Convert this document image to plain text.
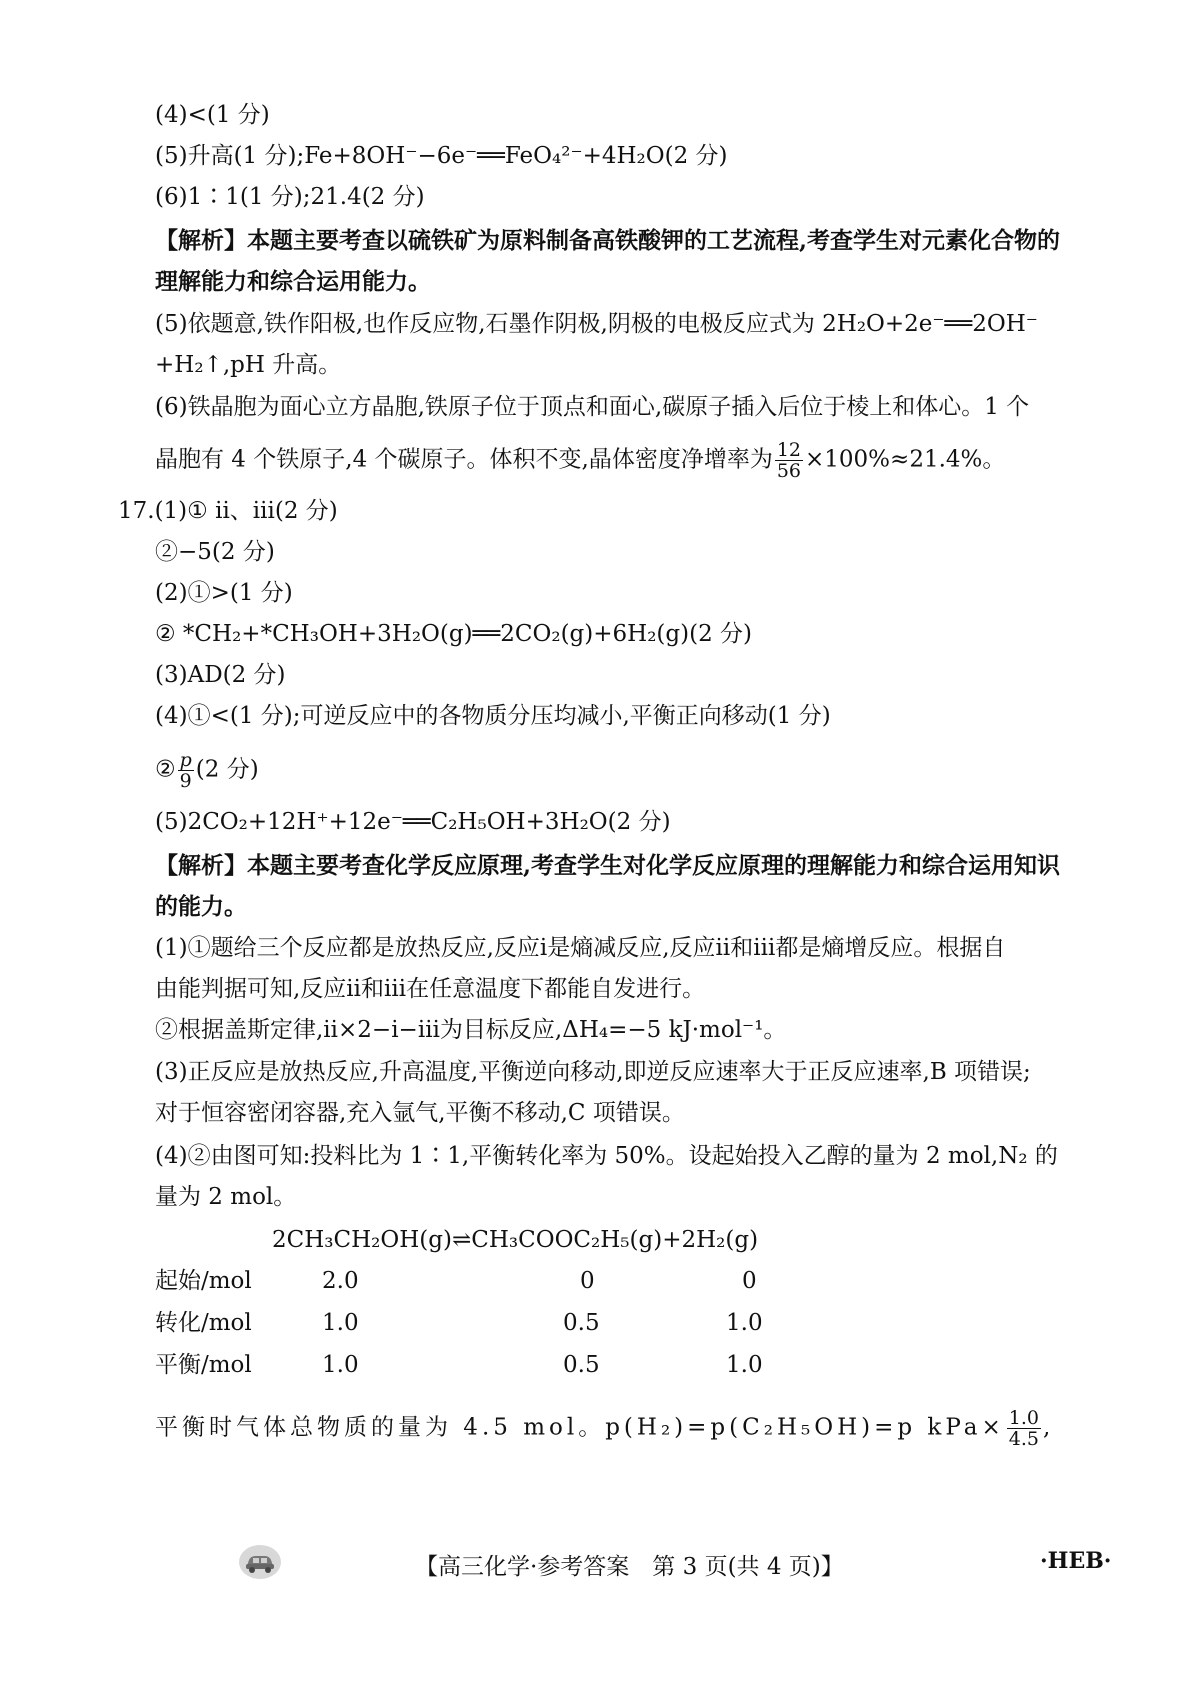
(4)<(1 分)
(5)升高(1 分);Fe+8OH⁻−6e⁻══FeO₄²⁻+4H₂O(2 分)
(6)1∶1(1 分);21.4(2 分)
【解析】本题主要考查以硫铁矿为原料制备高铁酸钾的工艺流程,考查学生对元素化合物的
理解能力和综合运用能力。
(5)依题意,铁作阳极,也作反应物,石墨作阴极,阴极的电极反应式为 2H₂O+2e⁻══2OH⁻
+H₂↑,pH 升高。
(6)铁晶胞为面心立方晶胞,铁原子位于顶点和面心,碳原子插入后位于棱上和体心。1 个
晶胞有 4 个铁原子,4 个碳原子。体积不变,晶体密度净增率为 $\frac{12}{56} \times 100\%\approx 21.4\%$。
17.(1)① ⅱ、ⅲ(2 分)
②−5(2 分)
(2)①>(1 分)
② *CH₂+*CH₃OH+3H₂O(g)══2CO₂(g)+6H₂(g)(2 分)
(3)AD(2 分)
(4)①<(1 分);可逆反应中的各物质分压均减小,平衡正向移动(1 分)
② $\frac{p}{9} (2$ 分)
(5)2CO₂+12H⁺+12e⁻══C₂H₅OH+3H₂O(2 分)
【解析】本题主要考查化学反应原理,考查学生对化学反应原理的理解能力和综合运用知识
的能力。
(1)①题给三个反应都是放热反应,反应ⅰ是熵减反应,反应ⅱ和ⅲ都是熵增反应。根据自
由能判据可知,反应ⅱ和ⅲ在任意温度下都能自发进行。
②根据盖斯定律,ⅱ×2−ⅰ−ⅲ为目标反应,ΔH₄=−5 kJ·mol⁻¹。
(3)正反应是放热反应,升高温度,平衡逆向移动,即逆反应速率大于正反应速率,B 项错误;
对于恒容密闭容器,充入氩气,平衡不移动,C 项错误。
(4)②由图可知:投料比为 1∶1,平衡转化率为 50%。设起始投入乙醇的量为 2 mol,N₂ 的
量为 2 mol。
2CH₃CH₂OH(g)⇌CH₃COOC₂H₅(g)+2H₂(g)
起始/mol	2.0	0	0
转化/mol	1.0	0.5	1.0
平衡/mol	1.0	0.5	1.0
平衡时气体总物质的量为 4.5 mol。p(H₂)=p(C₂H₅OH)=p $kPa\times \frac{1.0}{4.5}$ ,
【高三化学·参考答案　第 3 页(共 4 页)】	·HEB·
